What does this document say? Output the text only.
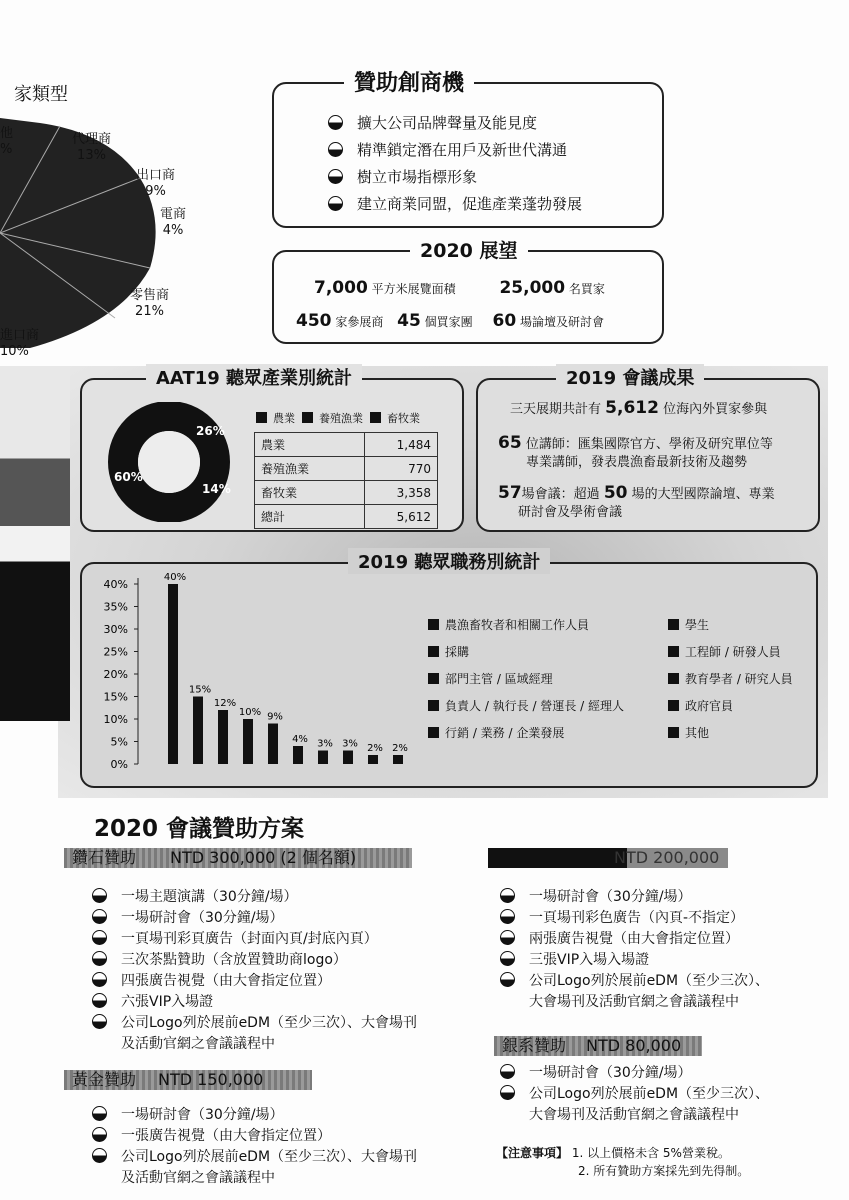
家類型
他
%
代理商
13%
出口商
9%
電商
4%
零售商
21%
進口商
10%
贊助創商機
擴大公司品牌聲量及能見度
精準鎖定潛在用戶及新世代溝通
樹立市場指標形象
建立商業同盟，促進產業蓬勃發展
2020 展望
7,000 平方米展覽面積	25,000 名買家
450 家參展商 45 個買家團 60 場論壇及研討會
AAT19 聽眾產業別統計
26%
14%
60%
農業 養殖漁業 畜牧業
農業	1,484
養殖漁業	770
畜牧業	3,358
總計	5,612
2019 會議成果
三天展期共計有 5,612 位海內外買家參與
65 位講師：匯集國際官方、學術及研究單位等
專業講師，發表農漁畜最新技術及趨勢
57場會議：超過 50 場的大型國際論壇、專業
研討會及學術會議
2019 聽眾職務別統計
40%
35%
30%
25%
20%
15%
10%
5%
0%
40%
15%
12%
10% 9%
4% 3% 3% 2% 2%
農漁畜牧者和相關工作人員
採購
部門主管 / 區域經理
負責人 / 執行長 / 營運長 / 經理人
行銷 / 業務 / 企業發展
學生
工程師 / 研發人員
教育學者 / 研究人員
政府官員
其他
2020 會議贊助方案
鑽石贊助 NTD 300,000 (2 個名額)
一場主題演講（30分鐘/場）
一場研討會（30分鐘/場）
一頁場刊彩頁廣告（封面內頁/封底內頁）
三次茶點贊助（含放置贊助商logo）
四張廣告視覺（由大會指定位置）
六張VIP入場證
公司Logo列於展前eDM（至少三次）、大會場刊
及活動官網之會議議程中
黃金贊助 NTD 150,000
一場研討會（30分鐘/場）
一張廣告視覺（由大會指定位置）
公司Logo列於展前eDM（至少三次）、大會場刊
及活動官網之會議議程中
NTD 200,000
一場研討會（30分鐘/場）
一頁場刊彩色廣告（內頁-不指定）
兩張廣告視覺（由大會指定位置）
三張VIP入場入場證
公司Logo列於展前eDM（至少三次）、
大會場刊及活動官網之會議議程中
銀系贊助 NTD 80,000
一場研討會（30分鐘/場）
公司Logo列於展前eDM（至少三次）、
大會場刊及活動官網之會議議程中
【注意事項】 1. 以上價格未含 5%營業稅。
2. 所有贊助方案採先到先得制。
